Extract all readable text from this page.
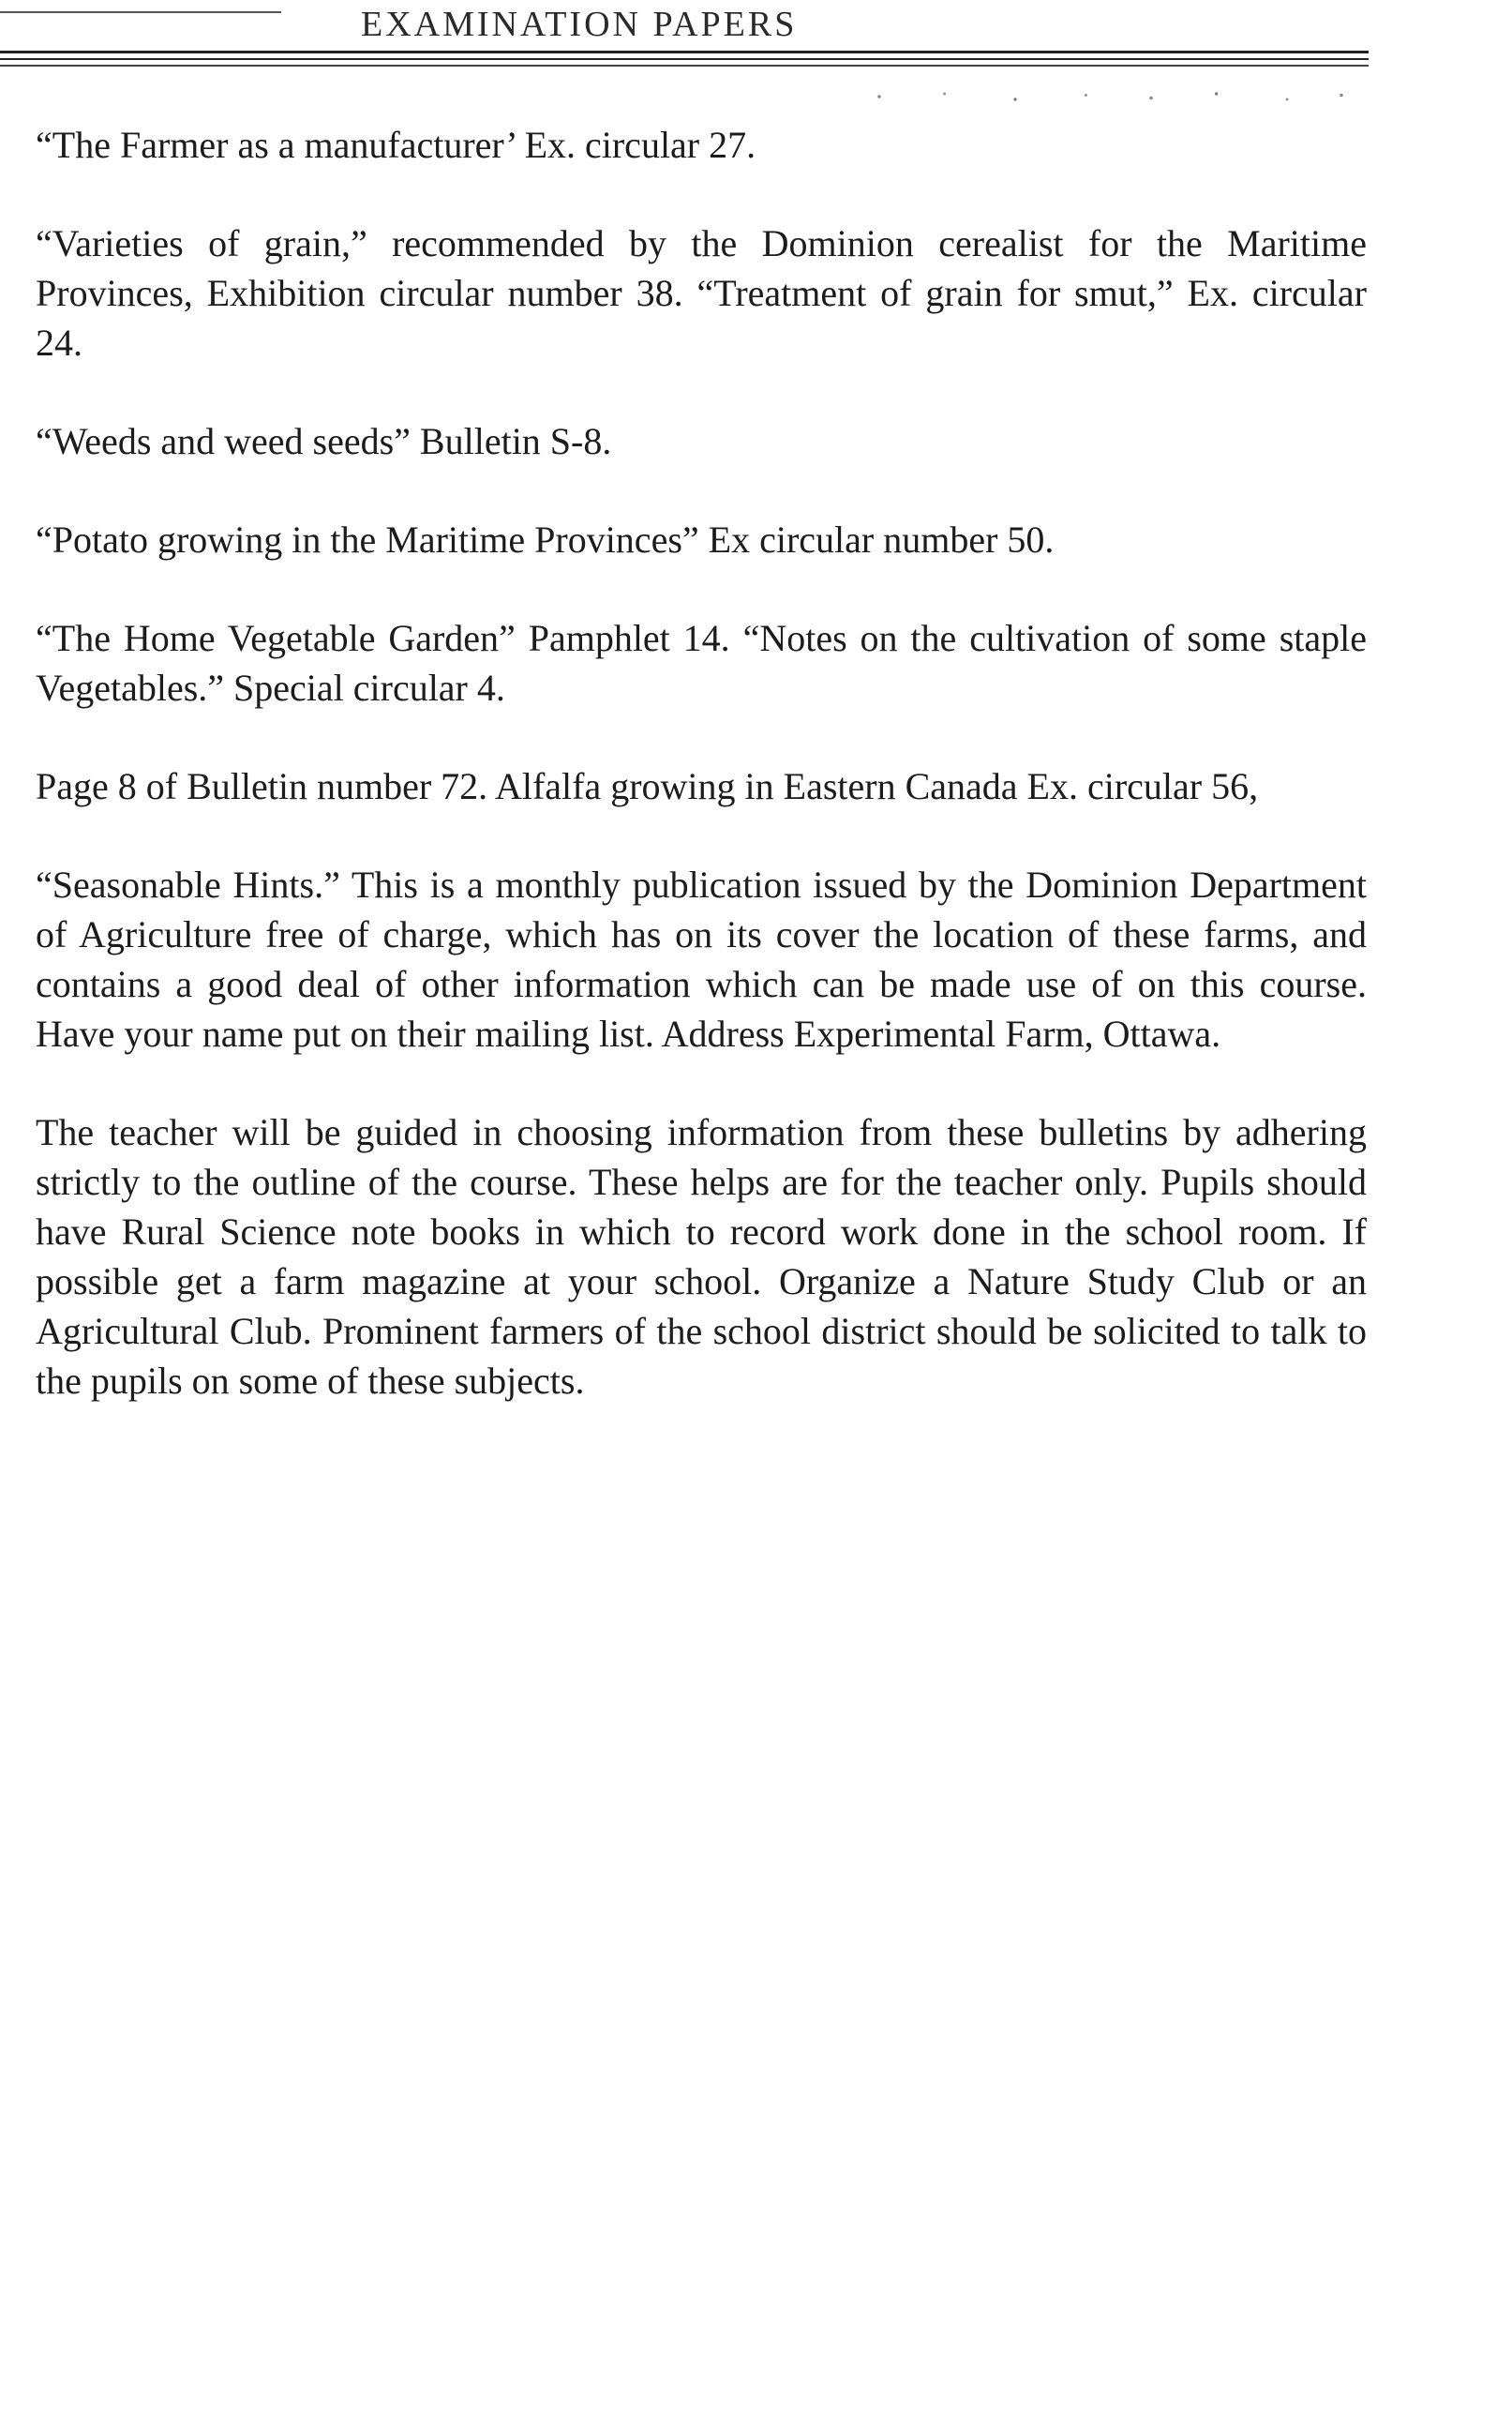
EXAMINATION PAPERS

“The Farmer as a manufacturer’ Ex. circular 27.

“Varieties of grain,” recommended by the Dominion cerealist for the Maritime Provinces, Exhibition circular number 38. “Treatment of grain for smut,” Ex. circular 24.

“Weeds and weed seeds” Bulletin S-8.

“Potato growing in the Maritime Provinces” Ex circular number 50.

“The Home Vegetable Garden” Pamphlet 14. “Notes on the cultivation of some staple Vegetables.” Special circular 4.

Page 8 of Bulletin number 72. Alfalfa growing in Eastern Canada Ex. circular 56,

“Seasonable Hints.” This is a monthly publication issued by the Dominion Department of Agriculture free of charge, which has on its cover the location of these farms, and contains a good deal of other information which can be made use of on this course. Have your name put on their mailing list. Address Experimental Farm, Ottawa.

The teacher will be guided in choosing information from these bulletins by adhering strictly to the outline of the course. These helps are for the teacher only. Pupils should have Rural Science note books in which to record work done in the school room. If possible get a farm magazine at your school. Organize a Nature Study Club or an Agricultural Club. Prominent farmers of the school district should be solicited to talk to the pupils on some of these subjects.
